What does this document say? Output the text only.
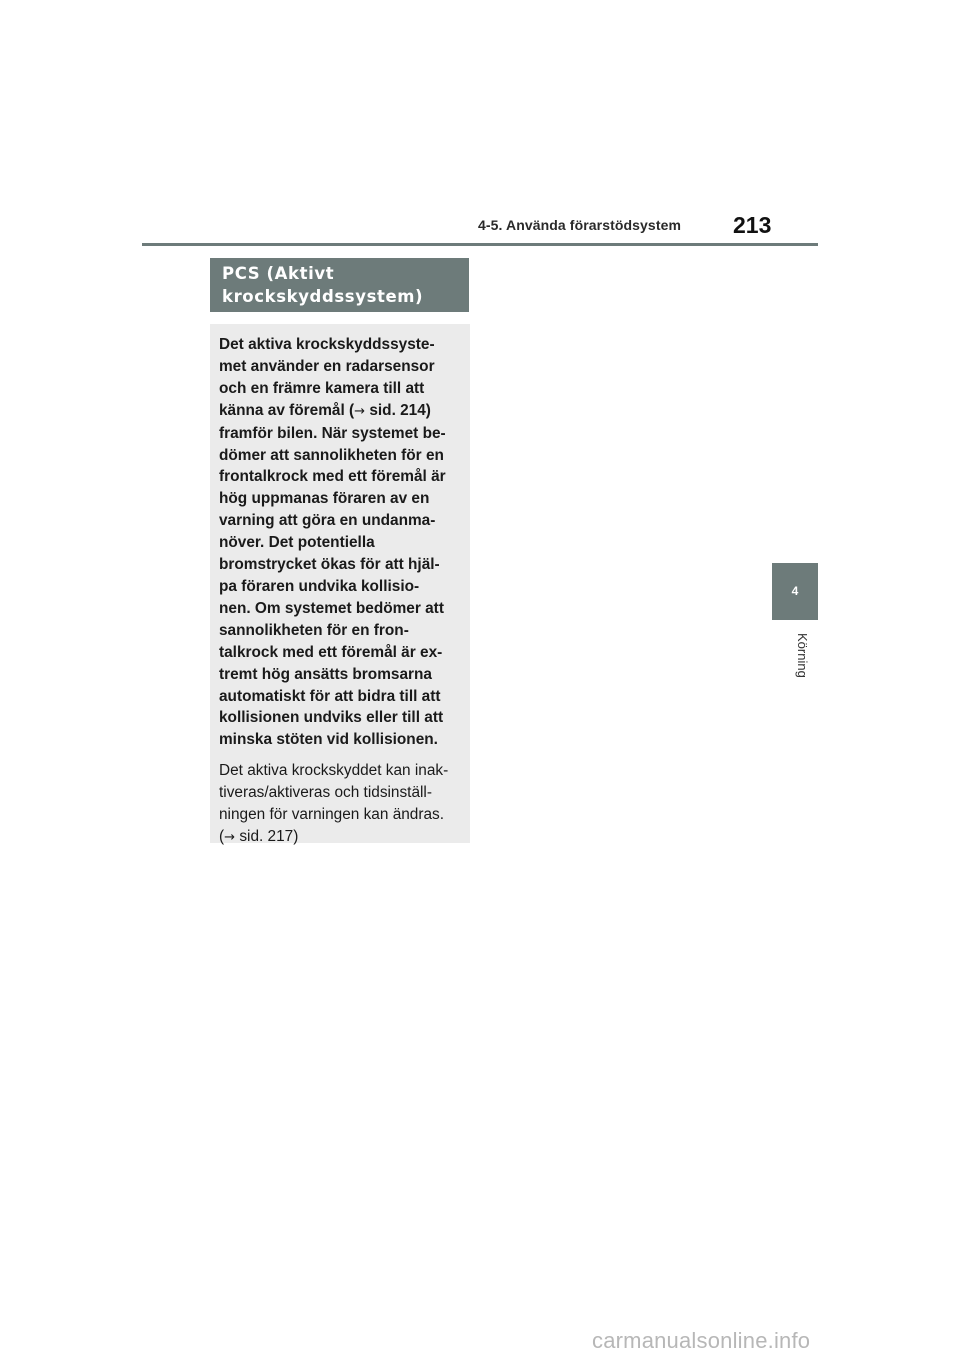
4-5. Använda förarstödsystem 213
PCS (Aktivt
krockskyddssystem)

Det aktiva krockskyddssyste-
met använder en radarsensor
och en främre kamera till att
känna av föremål (→ sid. 214)
framför bilen. När systemet be-
dömer att sannolikheten för en
frontalkrock med ett föremål är
hög uppmanas föraren av en
varning att göra en undanma-
növer. Det potentiella
bromstrycket ökas för att hjäl-
pa föraren undvika kollisio-
nen. Om systemet bedömer att
sannolikheten för en fron-
talkrock med ett föremål är ex-
tremt hög ansätts bromsarna
automatiskt för att bidra till att
kollisionen undviks eller till att
minska stöten vid kollisionen.

Det aktiva krockskyddet kan inak-
tiveras/aktiveras och tidsinställ-
ningen för varningen kan ändras.
(→ sid. 217)

4
Körning
carmanualsonline.info
